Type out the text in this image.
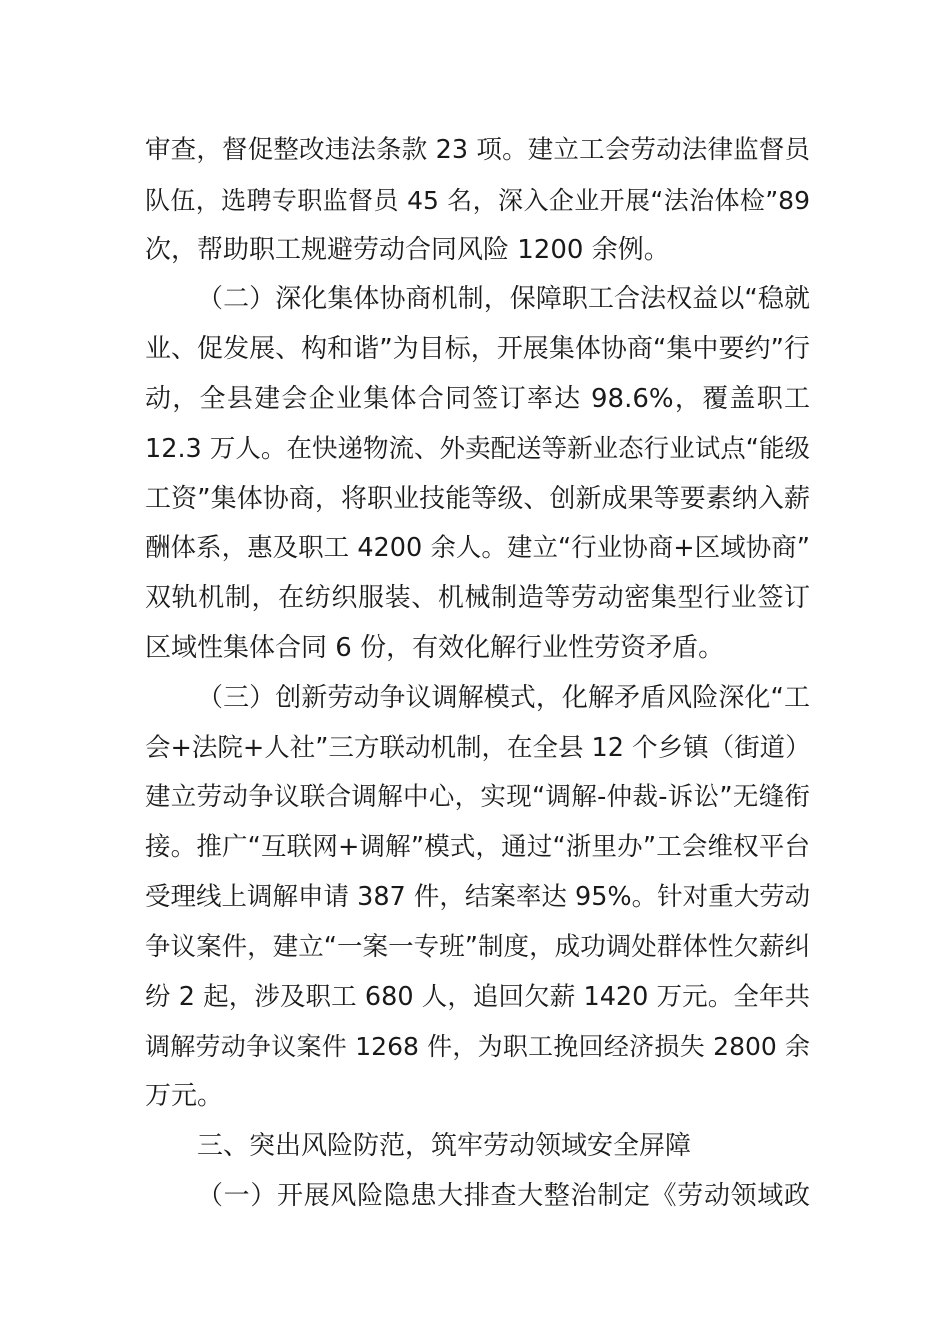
审查，督促整改违法条款 23 项。建立工会劳动法律监督员
队伍，选聘专职监督员 45 名，深入企业开展“法治体检”89
次，帮助职工规避劳动合同风险 1200 余例。
（二）深化集体协商机制，保障职工合法权益以“稳就
业、促发展、构和谐”为目标，开展集体协商“集中要约”行
动，全县建会企业集体合同签订率达 98.6%，覆盖职工
12.3 万人。在快递物流、外卖配送等新业态行业试点“能级
工资”集体协商，将职业技能等级、创新成果等要素纳入薪
酬体系，惠及职工 4200 余人。建立“行业协商+区域协商”
双轨机制，在纺织服装、机械制造等劳动密集型行业签订
区域性集体合同 6 份，有效化解行业性劳资矛盾。
（三）创新劳动争议调解模式，化解矛盾风险深化“工
会+法院+人社”三方联动机制，在全县 12 个乡镇（街道）
建立劳动争议联合调解中心，实现“调解-仲裁-诉讼”无缝衔
接。推广“互联网+调解”模式，通过“浙里办”工会维权平台
受理线上调解申请 387 件，结案率达 95%。针对重大劳动
争议案件，建立“一案一专班”制度，成功调处群体性欠薪纠
纷 2 起，涉及职工 680 人，追回欠薪 1420 万元。全年共
调解劳动争议案件 1268 件，为职工挽回经济损失 2800 余
万元。
三、突出风险防范，筑牢劳动领域安全屏障
（一）开展风险隐患大排查大整治制定《劳动领域政
